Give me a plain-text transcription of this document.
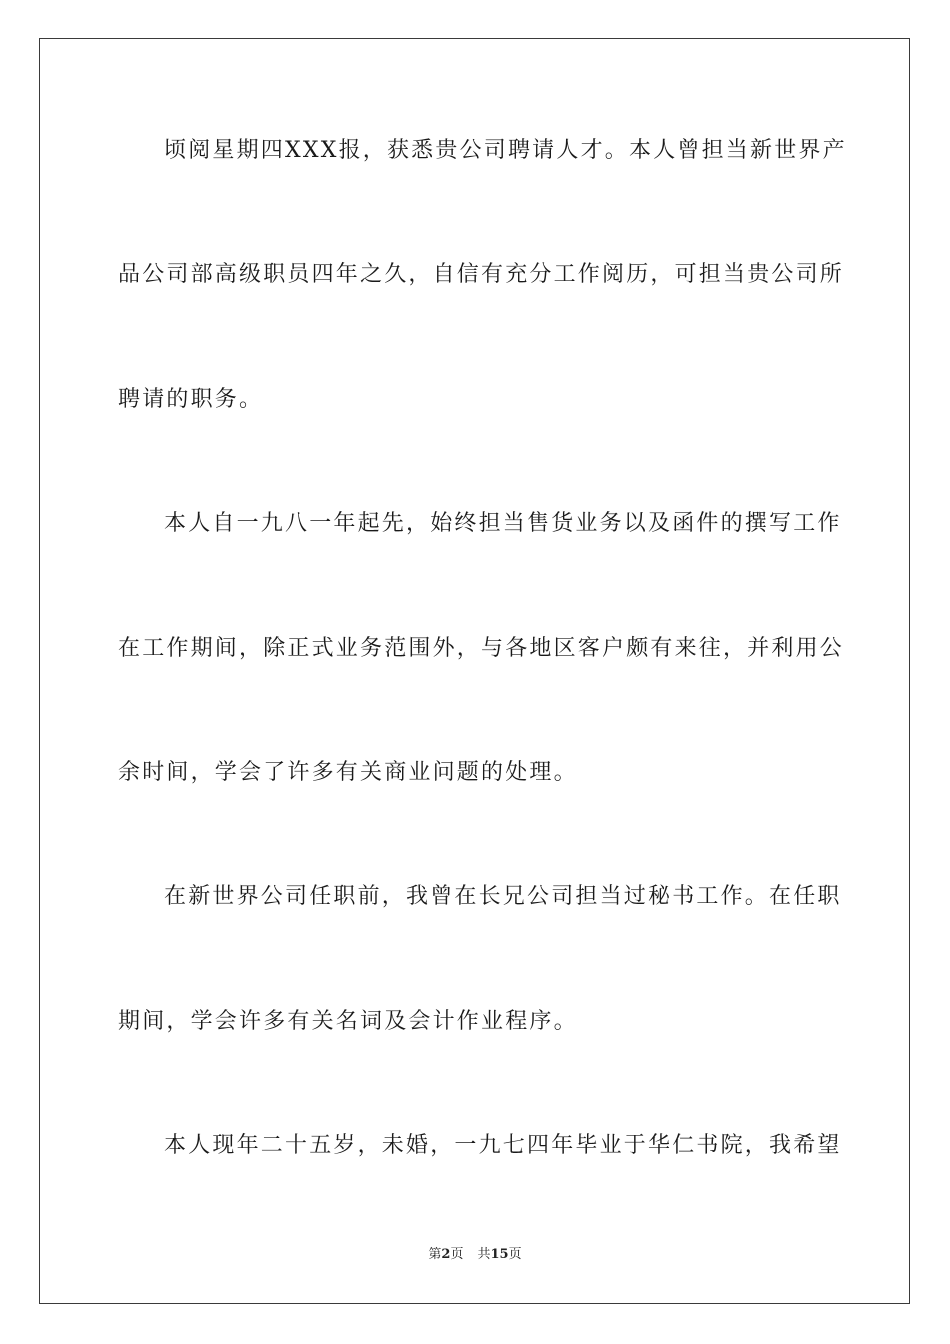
顷阅星期四XXX报，获悉贵公司聘请人才。本人曾担当新世界产
品公司部高级职员四年之久，自信有充分工作阅历，可担当贵公司所
聘请的职务。
本人自一九八一年起先，始终担当售货业务以及函件的撰写工作
在工作期间，除正式业务范围外，与各地区客户颇有来往，并利用公
余时间，学会了许多有关商业问题的处理。
在新世界公司任职前，我曾在长兄公司担当过秘书工作。在任职
期间，学会许多有关名词及会计作业程序。
本人现年二十五岁，未婚，一九七四年毕业于华仁书院，我希望
第2页 共15页
